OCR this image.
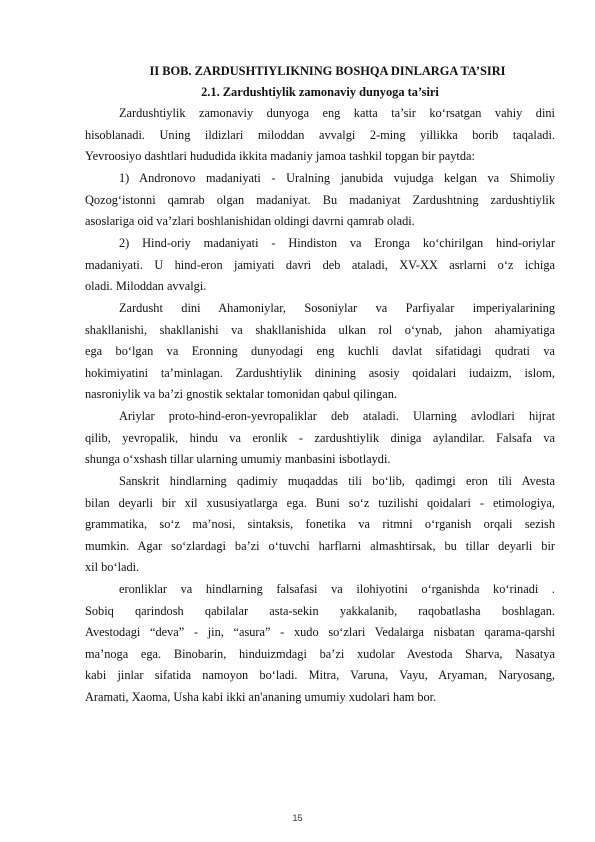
II BOB. ZARDUSHTIYLIKNING BOSHQA DINLARGA TA’SIRI
2.1. Zardushtiylik zamonaviy dunyoga ta’siri
Zardushtiylik zamonaviy dunyoga eng katta ta’sir ko‘rsatgan vahiy dini
hisoblanadi. Uning ildizlari miloddan avvalgi 2-ming yillikka borib taqaladi.
Yevroosiyo dashtlari hududida ikkita madaniy jamoa tashkil topgan bir paytda:
1) Andronovo madaniyati - Uralning janubida vujudga kelgan va Shimoliy
Qozog‘istonni qamrab olgan madaniyat. Bu madaniyat Zardushtning zardushtiylik
asoslariga oid va’zlari boshlanishidan oldingi davrni qamrab oladi.
2) Hind-oriy madaniyati - Hindiston va Eronga ko‘chirilgan hind-oriylar
madaniyati. U hind-eron jamiyati davri deb ataladi, XV-XX asrlarni o‘z ichiga
oladi. Miloddan avvalgi.
Zardusht dini Ahamoniylar, Sosoniylar va Parfiyalar imperiyalarining
shakllanishi, shakllanishi va shakllanishida ulkan rol o‘ynab, jahon ahamiyatiga
ega bo‘lgan va Eronning dunyodagi eng kuchli davlat sifatidagi qudrati va
hokimiyatini ta’minlagan. Zardushtiylik dinining asosiy qoidalari iudaizm, islom,
nasroniylik va ba’zi gnostik sektalar tomonidan qabul qilingan.
Ariylar proto-hind-eron-yevropaliklar deb ataladi. Ularning avlodlari hijrat
qilib, yevropalik, hindu va eronlik - zardushtiylik diniga aylandilar. Falsafa va
shunga o‘xshash tillar ularning umumiy manbasini isbotlaydi.
Sanskrit hindlarning qadimiy muqaddas tili bo‘lib, qadimgi eron tili Avesta
bilan deyarli bir xil xususiyatlarga ega. Buni so‘z tuzilishi qoidalari - etimologiya,
grammatika, so‘z ma’nosi, sintaksis, fonetika va ritmni o‘rganish orqali sezish
mumkin. Agar so‘zlardagi ba’zi o‘tuvchi harflarni almashtirsak, bu tillar deyarli bir
xil bo‘ladi.
eronliklar va hindlarning falsafasi va ilohiyotini o‘rganishda ko‘rinadi .
Sobiq qarindosh qabilalar asta-sekin yakkalanib, raqobatlasha boshlagan.
Avestodagi “deva” - jin, “asura” - xudo so‘zlari Vedalarga nisbatan qarama-qarshi
ma’noga ega. Binobarin, hinduizmdagi ba’zi xudolar Avestoda Sharva, Nasatya
kabi jinlar sifatida namoyon bo‘ladi. Mitra, Varuna, Vayu, Aryaman, Naryosang,
Aramati, Xaoma, Usha kabi ikki an'ananing umumiy xudolari ham bor.
15
